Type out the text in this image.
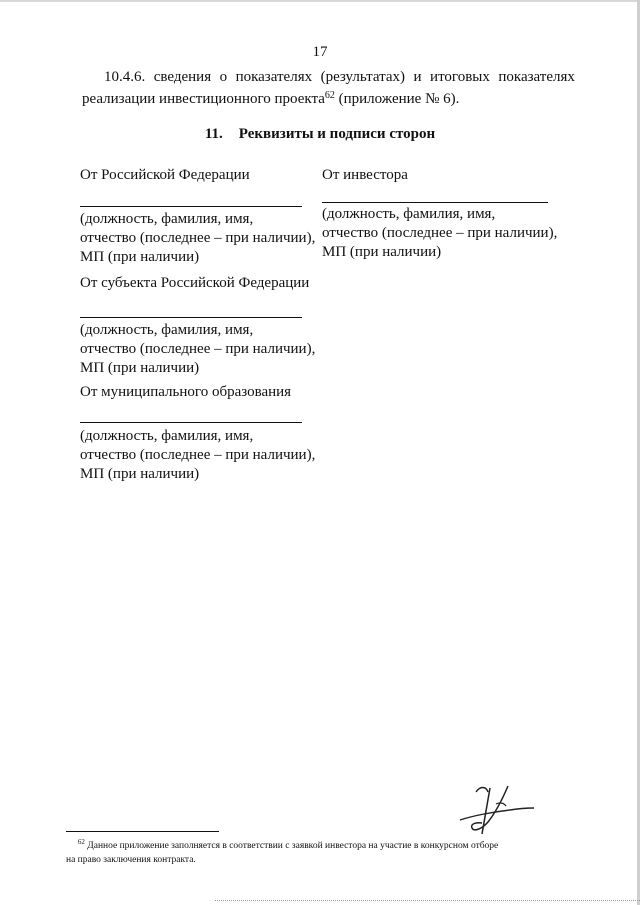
17
10.4.6. сведения о показателях (результатах) и итоговых показателях
реализации инвестиционного проекта$^{62}$ (приложение № 6).
11. Реквизиты и подписи сторон
От Российской Федерации
(должность, фамилия, имя,
отчество (последнее – при наличии),
МП (при наличии)
От инвестора
(должность, фамилия, имя,
отчество (последнее – при наличии),
МП (при наличии)
От субъекта Российской Федерации
(должность, фамилия, имя,
отчество (последнее – при наличии),
МП (при наличии)
От муниципального образования
(должность, фамилия, имя,
отчество (последнее – при наличии),
МП (при наличии)
$^{62}$ Данное приложение заполняется в соответствии с заявкой инвестора на участие в конкурсном отборе
на право заключения контракта.
